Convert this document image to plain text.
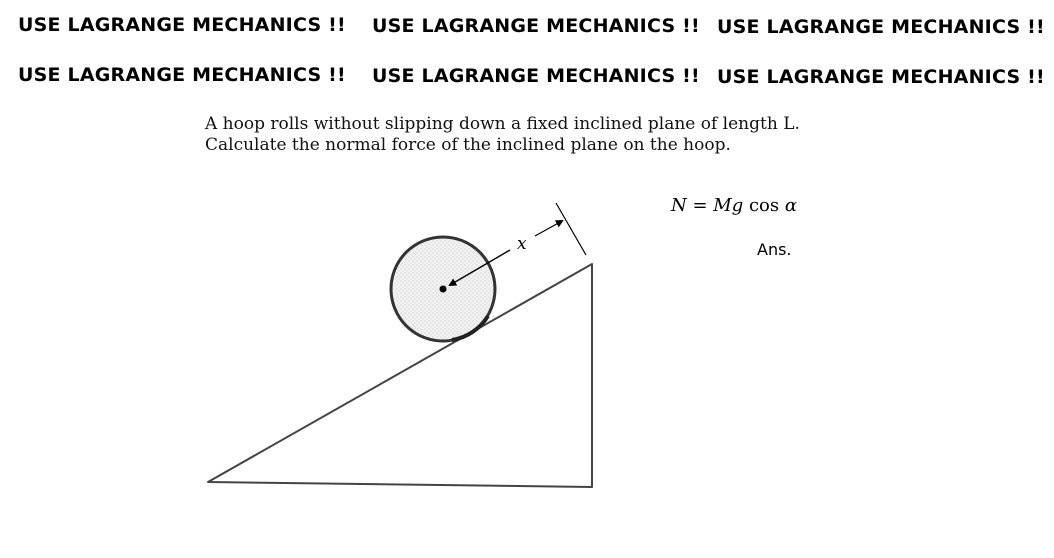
USE LAGRANGE MECHANICS !! USE LAGRANGE MECHANICS !! USE LAGRANGE MECHANICS !!
USE LAGRANGE MECHANICS !! USE LAGRANGE MECHANICS !! USE LAGRANGE MECHANICS !!
A hoop rolls without slipping down a fixed inclined plane of length L.
Calculate the normal force of the inclined plane on the hoop.
x
N = Mg cos α
Ans.
